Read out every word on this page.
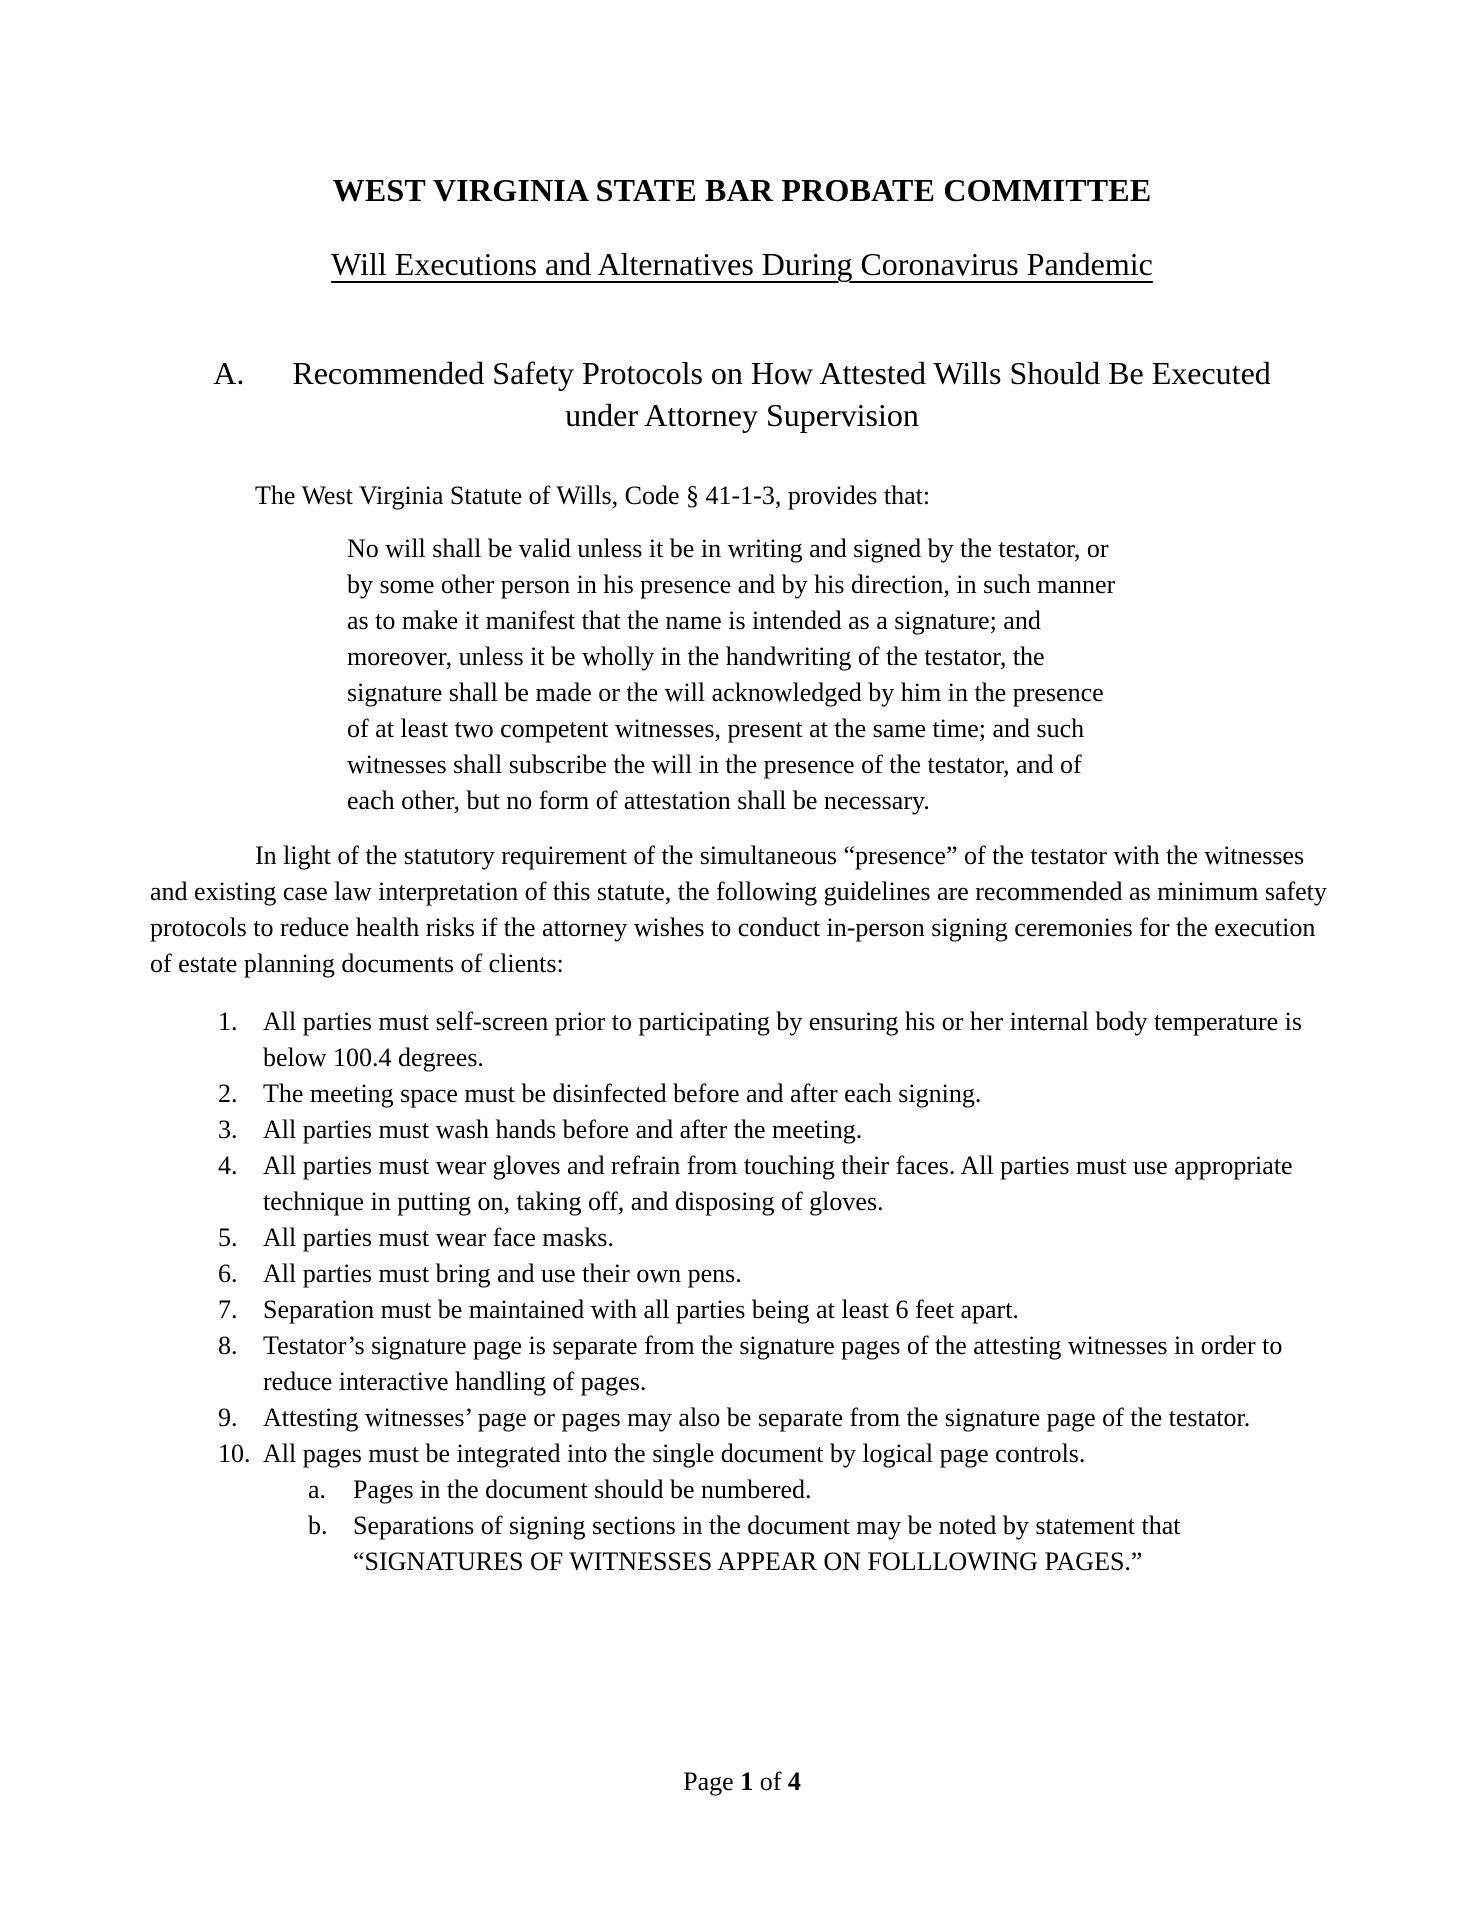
WEST VIRGINIA STATE BAR PROBATE COMMITTEE
Will Executions and Alternatives During Coronavirus Pandemic
A. Recommended Safety Protocols on How Attested Wills Should Be Executed
under Attorney Supervision

The West Virginia Statute of Wills, Code § 41-1-3, provides that:

No will shall be valid unless it be in writing and signed by the testator, or by some other person in his presence and by his direction, in such manner as to make it manifest that the name is intended as a signature; and moreover, unless it be wholly in the handwriting of the testator, the signature shall be made or the will acknowledged by him in the presence of at least two competent witnesses, present at the same time; and such witnesses shall subscribe the will in the presence of the testator, and of each other, but no form of attestation shall be necessary.

In light of the statutory requirement of the simultaneous “presence” of the testator with the witnesses and existing case law interpretation of this statute, the following guidelines are recommended as minimum safety protocols to reduce health risks if the attorney wishes to conduct in-person signing ceremonies for the execution of estate planning documents of clients:

1. All parties must self-screen prior to participating by ensuring his or her internal body temperature is below 100.4 degrees.
2. The meeting space must be disinfected before and after each signing.
3. All parties must wash hands before and after the meeting.
4. All parties must wear gloves and refrain from touching their faces. All parties must use appropriate technique in putting on, taking off, and disposing of gloves.
5. All parties must wear face masks.
6. All parties must bring and use their own pens.
7. Separation must be maintained with all parties being at least 6 feet apart.
8. Testator’s signature page is separate from the signature pages of the attesting witnesses in order to reduce interactive handling of pages.
9. Attesting witnesses’ page or pages may also be separate from the signature page of the testator.
10. All pages must be integrated into the single document by logical page controls.
a.	Pages in the document should be numbered.
b. Separations of signing sections in the document may be noted by statement that “SIGNATURES OF WITNESSES APPEAR ON FOLLLOWING PAGES.”
Page 1 of 4
